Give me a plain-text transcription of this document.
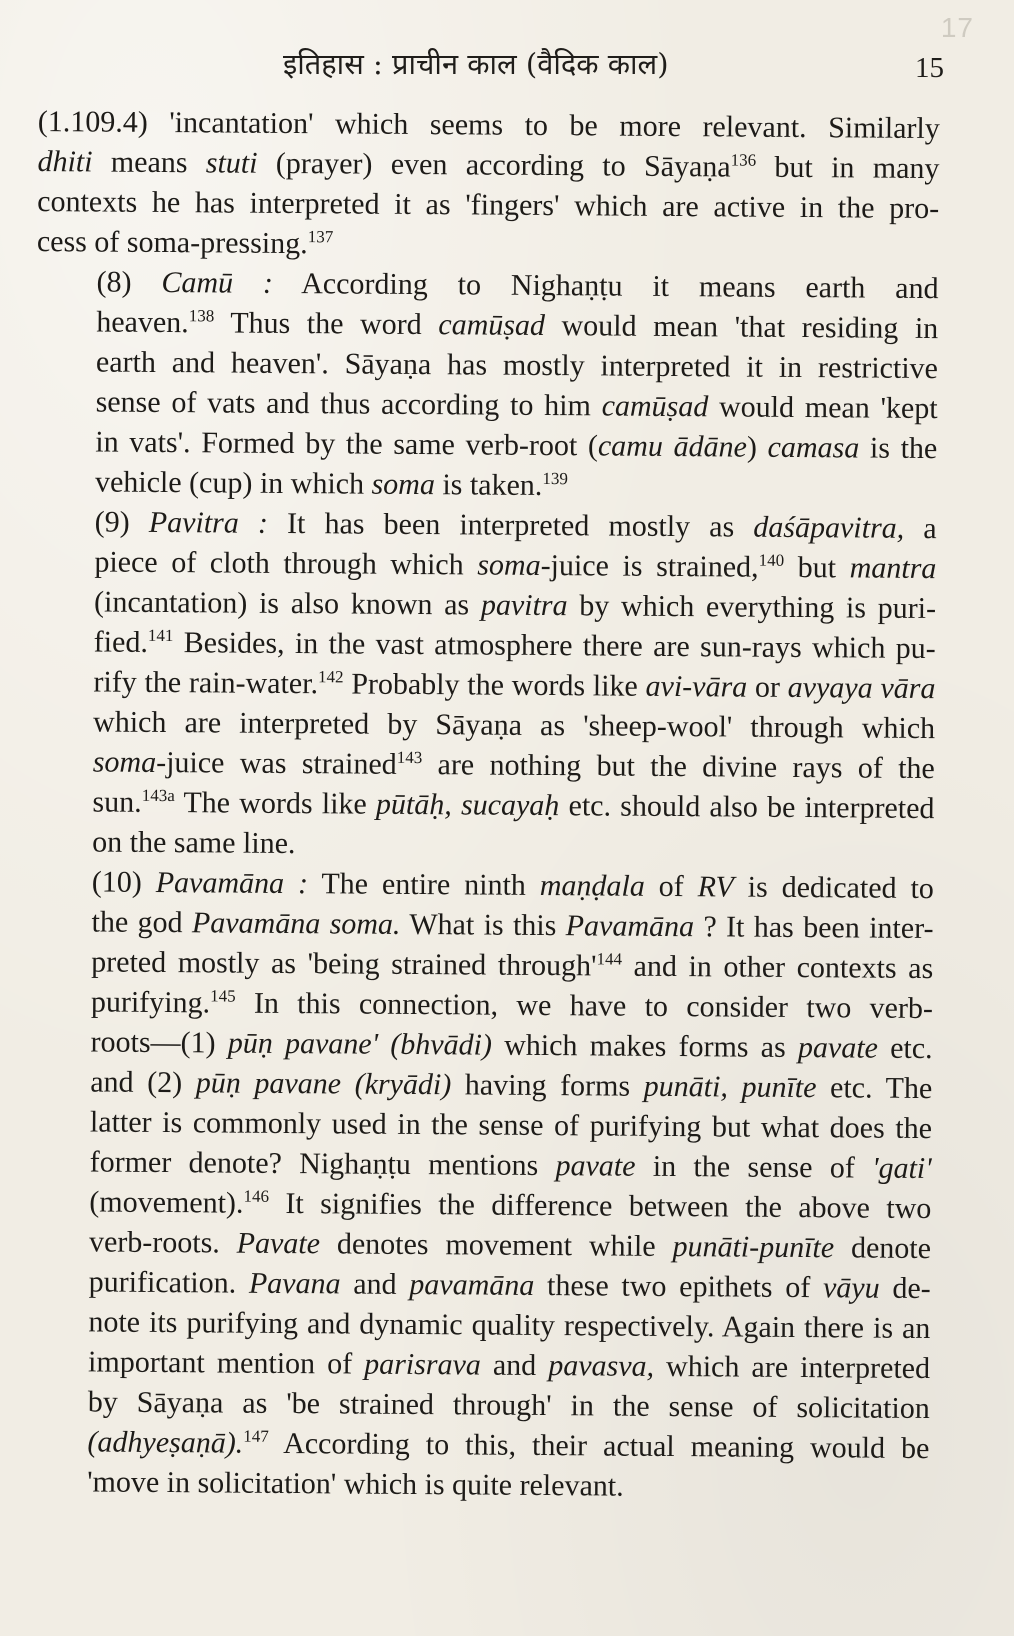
17
इतिहास : प्राचीन काल (वैदिक काल)	15

(1.109.4) 'incantation' which seems to be more relevant. Similarly
dhiti means stuti (prayer) even according to Sāyaṇa$^{136}$ but in many
contexts he has interpreted it as 'fingers' which are active in the pro-
cess of soma-pressing.$^{137}$

(8) Camū : According to Nighaṇṭu it means earth and
heaven.$^{138}$ Thus the word camūṣad would mean 'that residing in
earth and heaven'. Sāyaṇa has mostly interpreted it in restrictive
sense of vats and thus according to him camūṣad would mean 'kept
in vats'. Formed by the same verb-root (camu ādāne) camasa is the
vehicle (cup) in which soma is taken.$^{139}$

(9) Pavitra : It has been interpreted mostly as daśāpavitra, a
piece of cloth through which soma-juice is strained,$^{140}$ but mantra
(incantation) is also known as pavitra by which everything is puri-
fied.$^{141}$ Besides, in the vast atmosphere there are sun-rays which pu-
rify the rain-water.$^{142}$ Probably the words like avi-vāra or avyaya vāra
which are interpreted by Sāyaṇa as 'sheep-wool' through which
soma-juice was strained$^{143}$ are nothing but the divine rays of the
sun.$^{143a}$ The words like pūtāḥ, sucayaḥ etc. should also be interpreted
on the same line.

(10) Pavamāna : The entire ninth maṇḍala of RV is dedicated to
the god Pavamāna soma. What is this Pavamāna ? It has been inter-
preted mostly as 'being strained $through'^{144}$ and in other contexts as
purifying.$^{145}$ In this connection, we have to consider two verb-
roots—(1) pūṇ pavane' (bhvādi) which makes forms as pavate etc.
and (2) pūṇ pavane (kryādi) having forms punāti, punīte etc. The
latter is commonly used in the sense of purifying but what does the
former denote? Nighaṇṭu mentions pavate in the sense of 'gati'
(movement).$^{146}$ It signifies the difference between the above two
verb-roots. Pavate denotes movement while punāti-punīte denote
purification. Pavana and pavamāna these two epithets of vāyu de-
note its purifying and dynamic quality respectively. Again there is an
important mention of parisrava and pavasva, which are interpreted
by Sāyaṇa as 'be strained through' in the sense of solicitation
(adhyeṣaṇā).$^{147}$ According to this, their actual meaning would be
'move in solicitation' which is quite relevant.
